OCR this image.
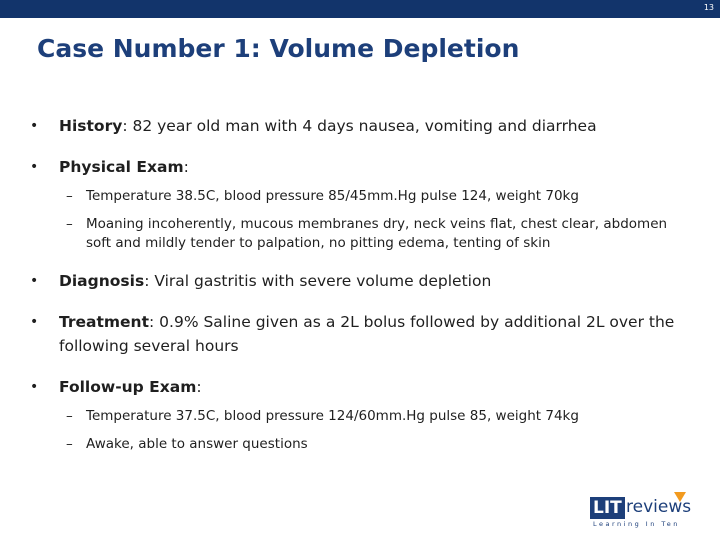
13
Case Number 1: Volume Depletion
• History: 82 year old man with 4 days nausea, vomiting and diarrhea
• Physical Exam:
– Temperature 38.5C, blood pressure 85/45mm.Hg pulse 124, weight 70kg
– Moaning incoherently, mucous membranes dry, neck veins flat, chest clear, abdomen soft and mildly tender to palpation, no pitting edema, tenting of skin
• Diagnosis: Viral gastritis with severe volume depletion
• Treatment: 0.9% Saline given as a 2L bolus followed by additional 2L over the following several hours
• Follow-up Exam:
– Temperature 37.5C, blood pressure 124/60mm.Hg pulse 85, weight 74kg
– Awake, able to answer questions
LIT reviews
Learning In Ten
